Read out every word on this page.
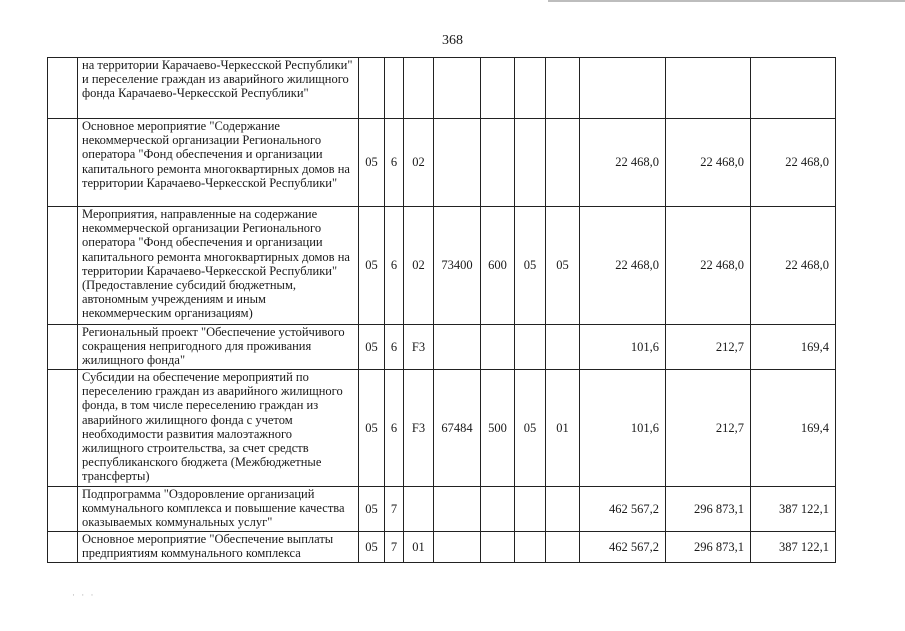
368
	на территории Карачаево-Черкесской Республики" и переселение граждан из аварийного жилищного фонда Карачаево-Черкесской Республики"										
	Основное мероприятие "Содержание некоммерческой организации Регионального оператора "Фонд обеспечения и организации капитального ремонта многоквартирных домов на территории Карачаево-Черкесской Республики"	05	6	02					22 468,0	22 468,0	22 468,0
	Мероприятия, направленные на содержание некоммерческой организации Регионального оператора "Фонд обеспечения и организации капитального ремонта многоквартирных домов на территории Карачаево-Черкесской Республики" (Предоставление субсидий бюджетным, автономным учреждениям и иным некоммерческим организациям)	05	6	02	73400	600	05	05	22 468,0	22 468,0	22 468,0
	Региональный проект "Обеспечение устойчивого сокращения непригодного для проживания жилищного фонда"	05	6	F3					101,6	212,7	169,4
	Субсидии на обеспечение мероприятий по переселению граждан из аварийного жилищного фонда, в том числе переселению граждан из аварийного жилищного фонда с учетом необходимости развития малоэтажного жилищного строительства, за счет средств республиканского бюджета (Межбюджетные трансферты)	05	6	F3	67484	500	05	01	101,6	212,7	169,4
	Подпрограмма "Оздоровление организаций коммунального комплекса и повышение качества оказываемых коммунальных услуг"	05	7						462 567,2	296 873,1	387 122,1
	Основное мероприятие "Обеспечение выплаты предприятиям коммунального комплекса	05	7	01					462 567,2	296 873,1	387 122,1
· · ·
